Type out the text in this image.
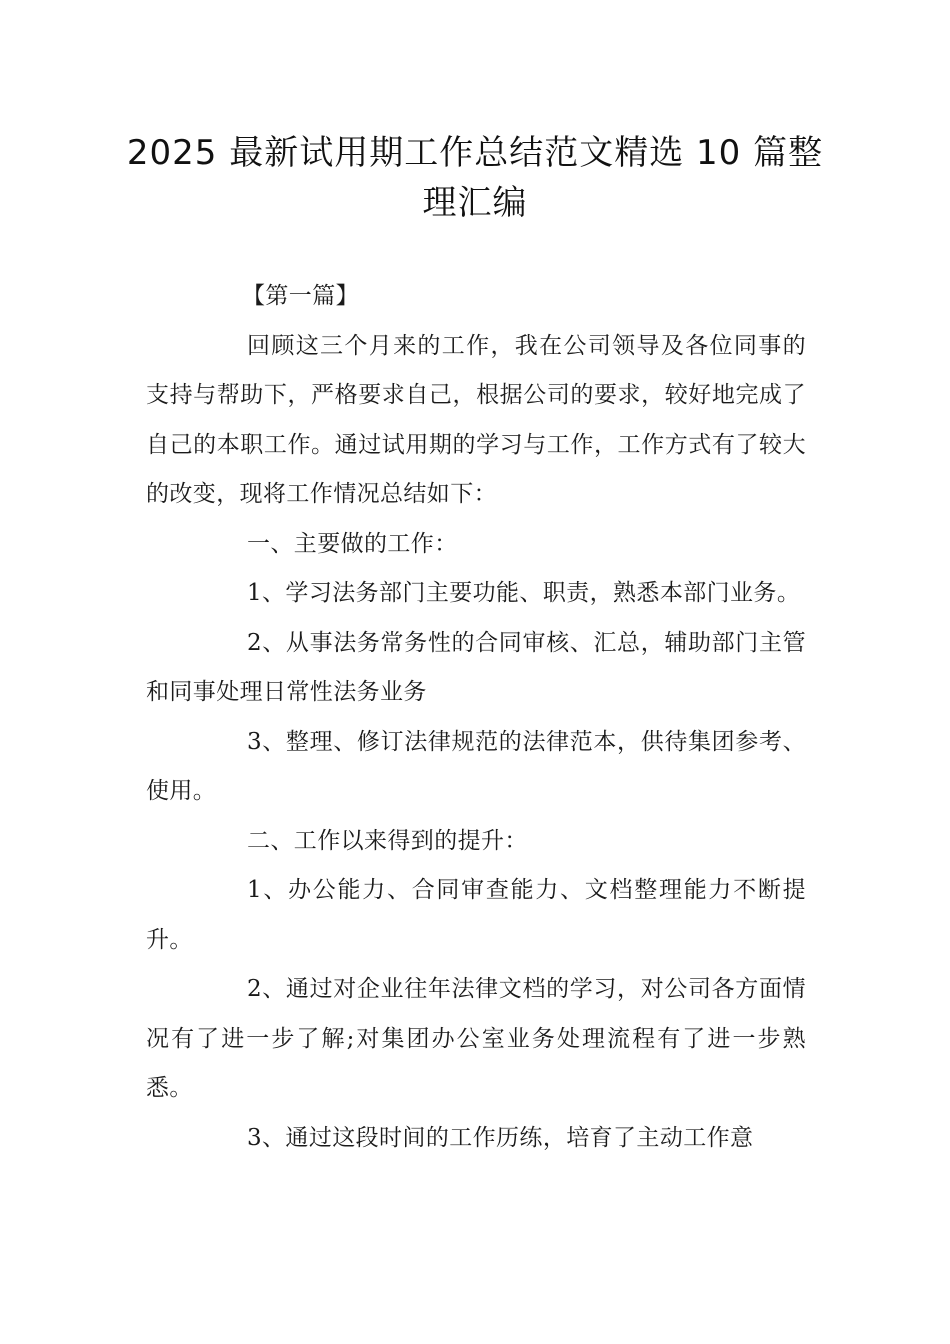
2025 最新试用期工作总结范文精选 10 篇整理汇编

【第一篇】

回顾这三个月来的工作，我在公司领导及各位同事的支持与帮助下，严格要求自己，根据公司的要求，较好地完成了自己的本职工作。通过试用期的学习与工作，工作方式有了较大的改变，现将工作情况总结如下：

一、主要做的工作：

1、学习法务部门主要功能、职责，熟悉本部门业务。

2、从事法务常务性的合同审核、汇总，辅助部门主管和同事处理日常性法务业务

3、整理、修订法律规范的法律范本，供待集团参考、使用。

二、工作以来得到的提升：

1、办公能力、合同审查能力、文档整理能力不断提升。

2、通过对企业往年法律文档的学习，对公司各方面情况有了进一步了解;对集团办公室业务处理流程有了进一步熟悉。

3、通过这段时间的工作历练，培育了主动工作意
